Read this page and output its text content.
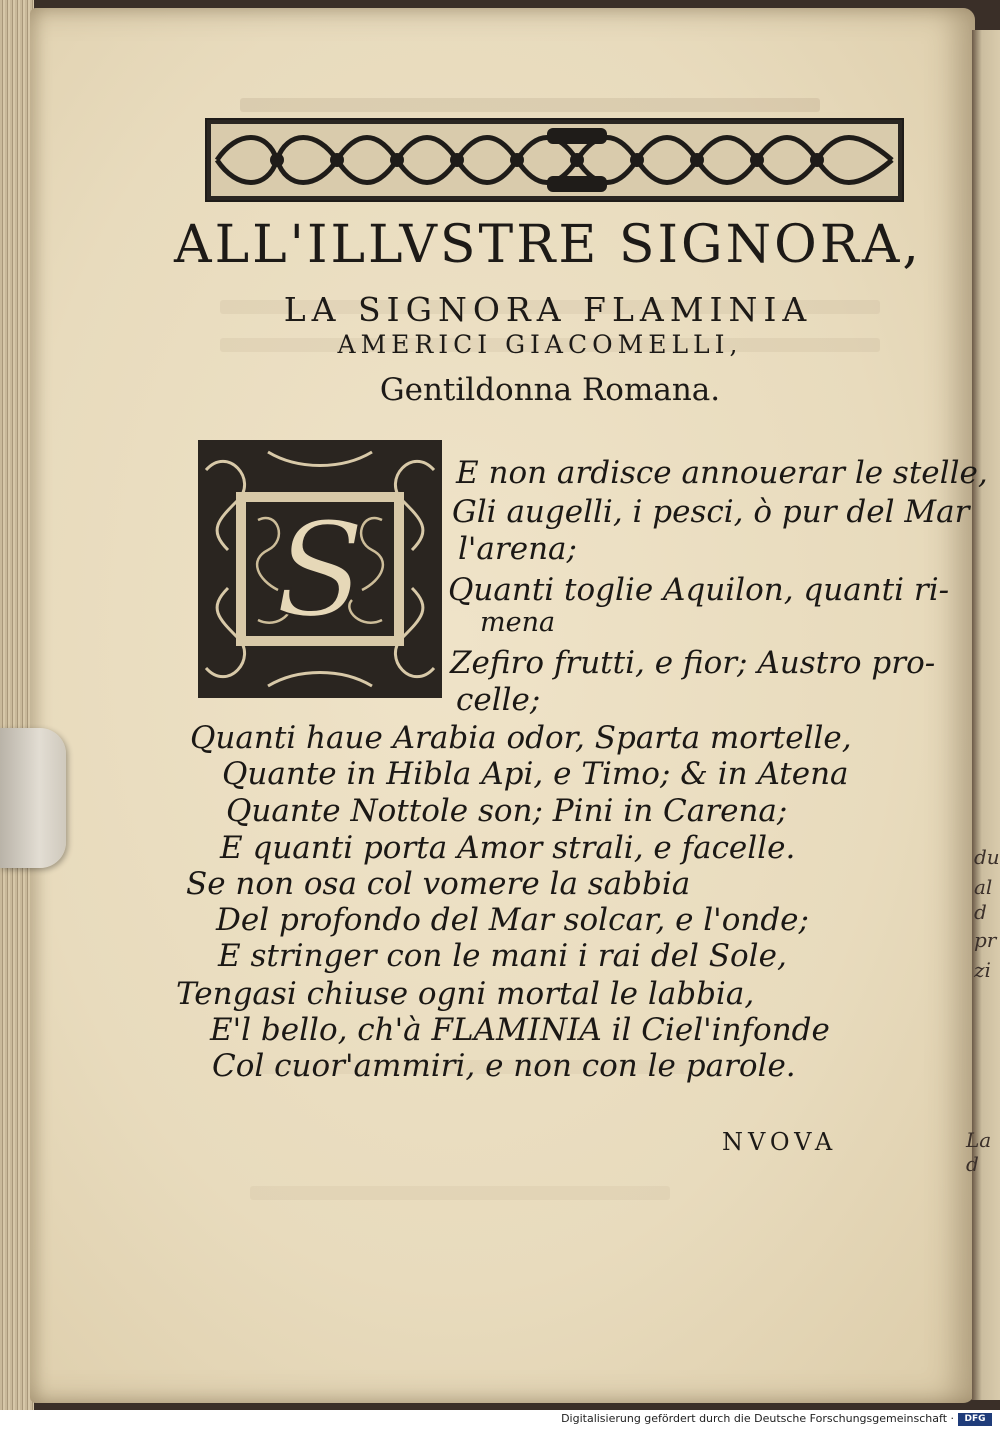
du
al
d
pr
zi
La d
ALL'ILLVSTRE SIGNORA,
LA SIGNORA FLAMINIA
AMERICI GIACOMELLI,
Gentildonna Romana.
S
E non ardisce annouerar le stelle,
Gli augelli, i pesci, ò pur del Mar
l'arena;
Quanti toglie Aquilon, quanti ri-
mena
Zefiro frutti, e fior; Austro pro-
celle;
Quanti haue Arabia odor, Sparta mortelle,
Quante in Hibla Api, e Timo; & in Atena
Quante Nottole son; Pini in Carena;
E quanti porta Amor strali, e facelle.
Se non osa col vomere la sabbia
Del profondo del Mar solcar, e l'onde;
E stringer con le mani i rai del Sole,
Tengasi chiuse ogni mortal le labbia,
E'l bello, ch'à FLAMINIA il Ciel'infonde
Col cuor'ammiri, e non con le parole.
NVOVA
Digitalisierung gefördert durch die Deutsche Forschungsgemeinschaft ·	DFG
